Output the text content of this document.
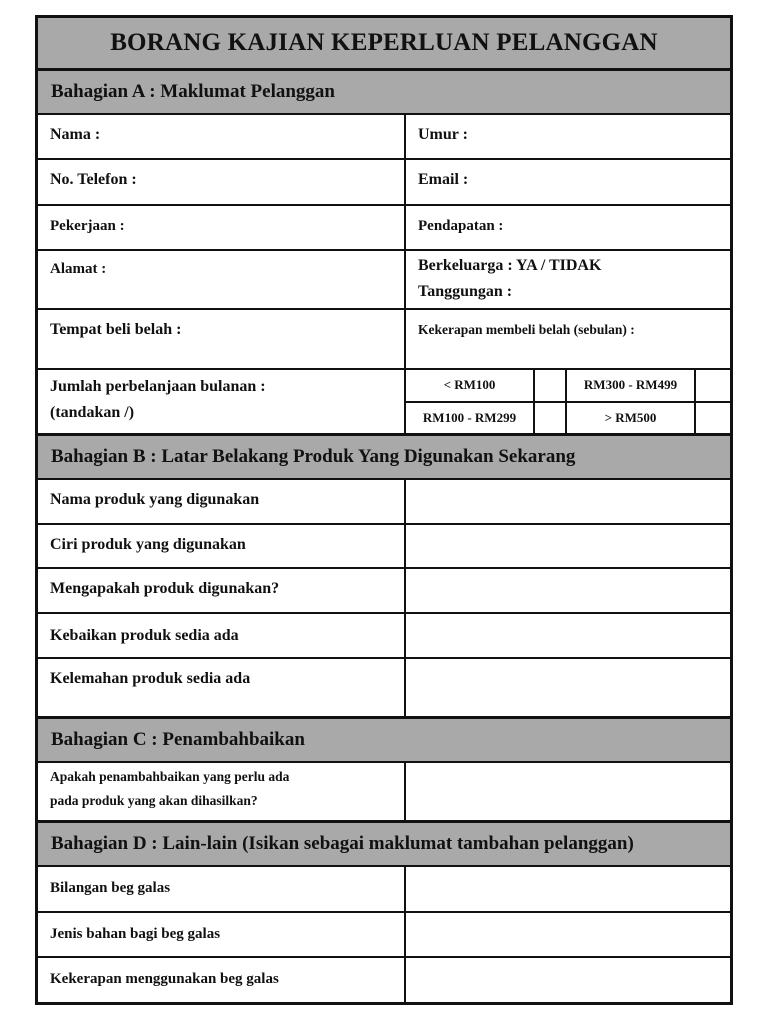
BORANG KAJIAN KEPERLUAN PELANGGAN
Bahagian A : Maklumat Pelanggan
Nama :	Umur :
No. Telefon :	Email :
Pekerjaan :	Pendapatan :
Alamat :	Berkeluarga : YA / TIDAK
Tanggungan :
Tempat beli belah :	Kekerapan membeli belah (sebulan) :
Jumlah perbelanjaan bulanan :
(tandakan /)
< RM100	RM300 - RM499
RM100 - RM299	> RM500
Bahagian B : Latar Belakang Produk Yang Digunakan Sekarang
Nama produk yang digunakan
Ciri produk yang digunakan
Mengapakah produk digunakan?
Kebaikan produk sedia ada
Kelemahan produk sedia ada
Bahagian C : Penambahbaikan
Apakah penambahbaikan yang perlu ada
pada produk yang akan dihasilkan?
Bahagian D : Lain-lain (Isikan sebagai maklumat tambahan pelanggan)
Bilangan beg galas
Jenis bahan bagi beg galas
Kekerapan menggunakan beg galas
